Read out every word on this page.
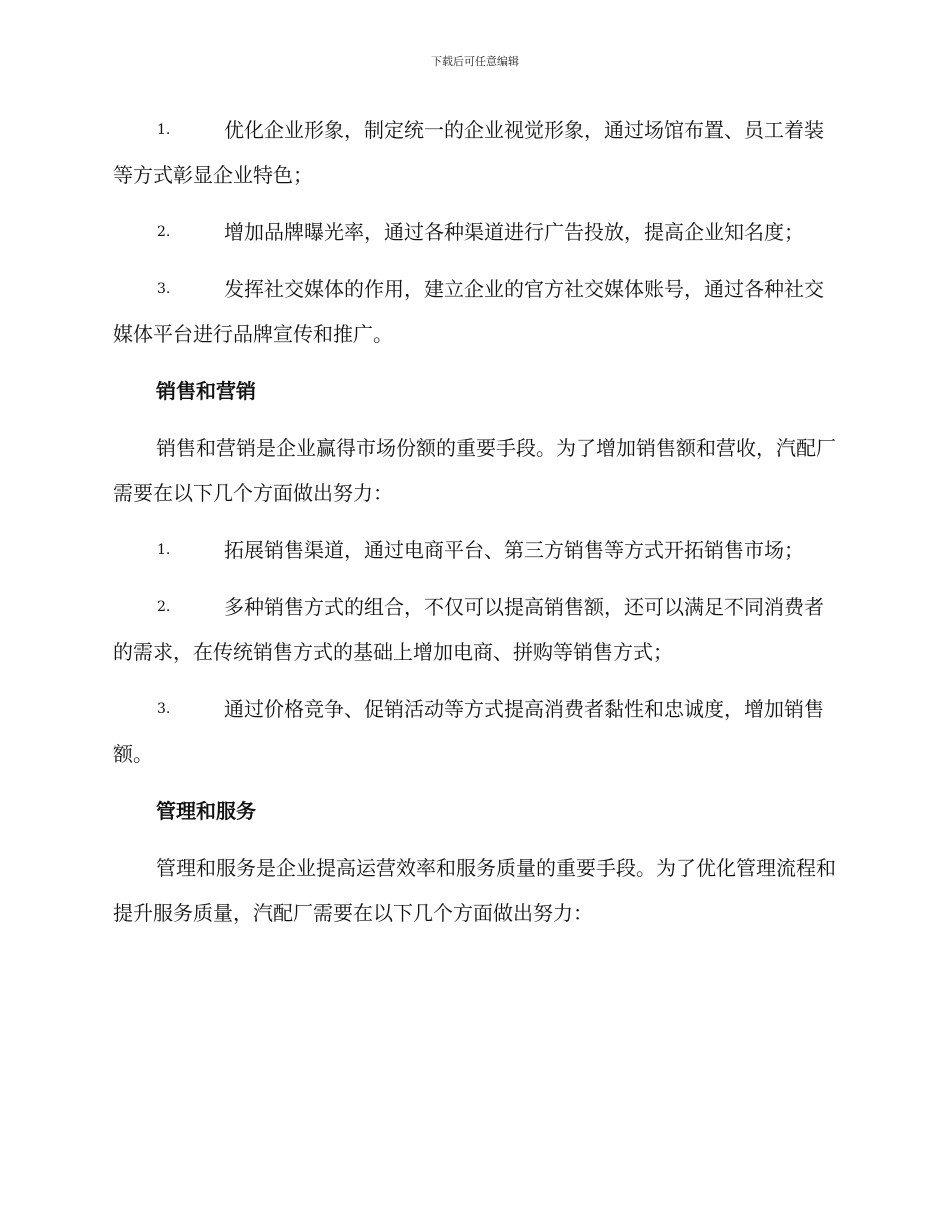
下载后可任意编辑
1.	优化企业形象，制定统一的企业视觉形象，通过场馆布置、员工着装等方式彰显企业特色；
2.	增加品牌曝光率，通过各种渠道进行广告投放，提高企业知名度；
3.	发挥社交媒体的作用，建立企业的官方社交媒体账号，通过各种社交媒体平台进行品牌宣传和推广。
销售和营销
销售和营销是企业赢得市场份额的重要手段。为了增加销售额和营收，汽配厂需要在以下几个方面做出努力：
1.	拓展销售渠道，通过电商平台、第三方销售等方式开拓销售市场；
2.	多种销售方式的组合，不仅可以提高销售额，还可以满足不同消费者的需求，在传统销售方式的基础上增加电商、拼购等销售方式；
3.	通过价格竞争、促销活动等方式提高消费者黏性和忠诚度，增加销售额。
管理和服务
管理和服务是企业提高运营效率和服务质量的重要手段。为了优化管理流程和提升服务质量，汽配厂需要在以下几个方面做出努力：
